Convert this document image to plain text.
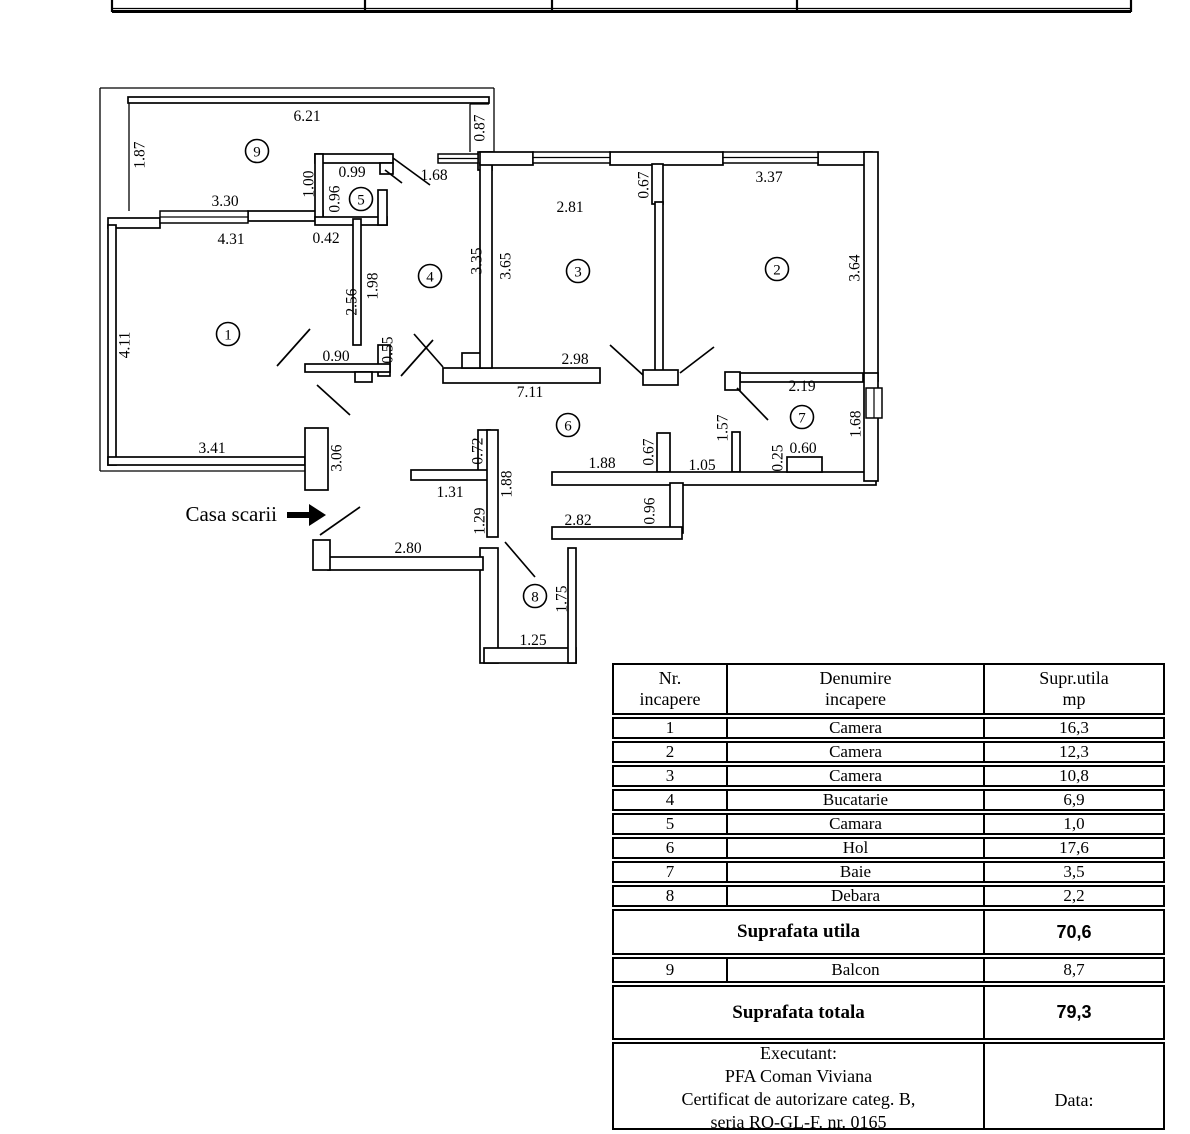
1
2
3
4
5
6	7
8
9
6.21
3.30
4.31
0.99	1.68
0.42
2.81
3.37
0.90	2.98
7.11	2.19
0.60
1.88	1.05
3.41
1.31
2.82
2.80
1.25
1.87
0.87
1.00
0.96
4.11
2.56
1.98
3.35 3.65
0.67
3.64
0.55
3.06
1.57	1.68
0.25
0.72	0.67
1.88
1.29	0.96
1.75
Casa scarii
Nr.
incapere
Denumire
incapere
Supr.utila
mp
1	Camera	16,3
2	Camera	12,3
3	Camera	10,8
4	Bucatarie	6,9
5	Camara	1,0
6	Hol	17,6
7	Baie	3,5
8	Debara	2,2
Suprafata utila	70,6
9	Balcon	8,7
Suprafata totala	79,3
Executant:
PFA Coman Viviana
Certificat de autorizare categ. B,
seria RO-GL-F. nr. 0165
Data:
